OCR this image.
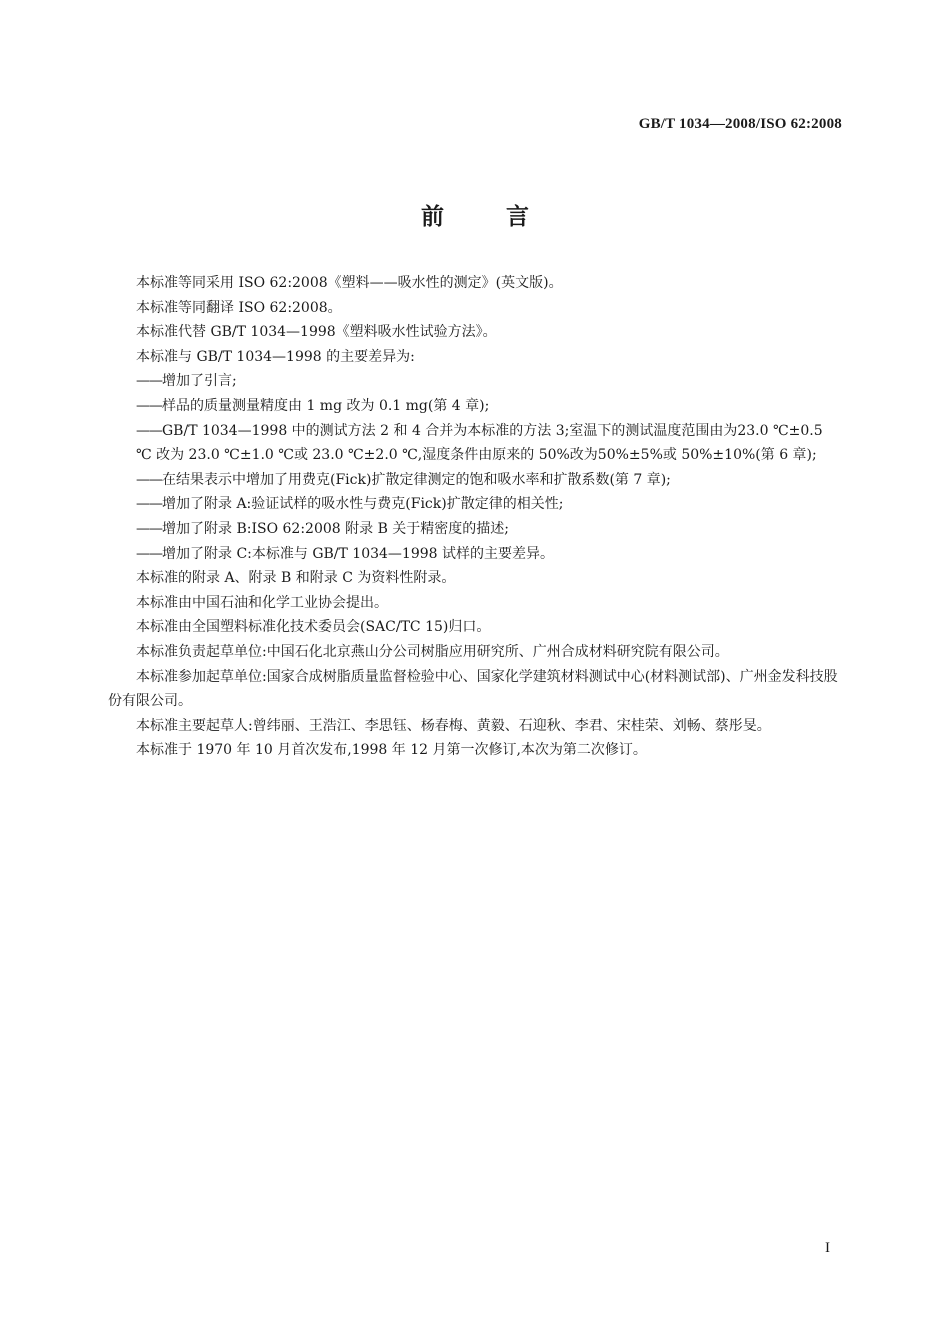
GB/T 1034—2008/ISO 62:2008
前言
本标准等同采用 ISO 62:2008《塑料——吸水性的测定》(英文版)。
本标准等同翻译 ISO 62:2008。
本标准代替 GB/T 1034—1998《塑料吸水性试验方法》。
本标准与 GB/T 1034—1998 的主要差异为:
——增加了引言;
——样品的质量测量精度由 1 mg 改为 0.1 mg(第 4 章);
——GB/T 1034—1998 中的测试方法 2 和 4 合并为本标准的方法 3;室温下的测试温度范围由为23.0 ℃±0.5 ℃ 改为 23.0 ℃±1.0 ℃或 23.0 ℃±2.0 ℃,湿度条件由原来的 50%改为50%±5%或 50%±10%(第 6 章);
——在结果表示中增加了用费克(Fick)扩散定律测定的饱和吸水率和扩散系数(第 7 章);
——增加了附录 A:验证试样的吸水性与费克(Fick)扩散定律的相关性;
——增加了附录 B:ISO 62:2008 附录 B 关于精密度的描述;
——增加了附录 C:本标准与 GB/T 1034—1998 试样的主要差异。
本标准的附录 A、附录 B 和附录 C 为资料性附录。
本标准由中国石油和化学工业协会提出。
本标准由全国塑料标准化技术委员会(SAC/TC 15)归口。
本标准负责起草单位:中国石化北京燕山分公司树脂应用研究所、广州合成材料研究院有限公司。
本标准参加起草单位:国家合成树脂质量监督检验中心、国家化学建筑材料测试中心(材料测试部)、广州金发科技股份有限公司。
本标准主要起草人:曾纬丽、王浩江、李思钰、杨春梅、黄毅、石迎秋、李君、宋桂荣、刘畅、蔡彤旻。
本标准于 1970 年 10 月首次发布,1998 年 12 月第一次修订,本次为第二次修订。
I
